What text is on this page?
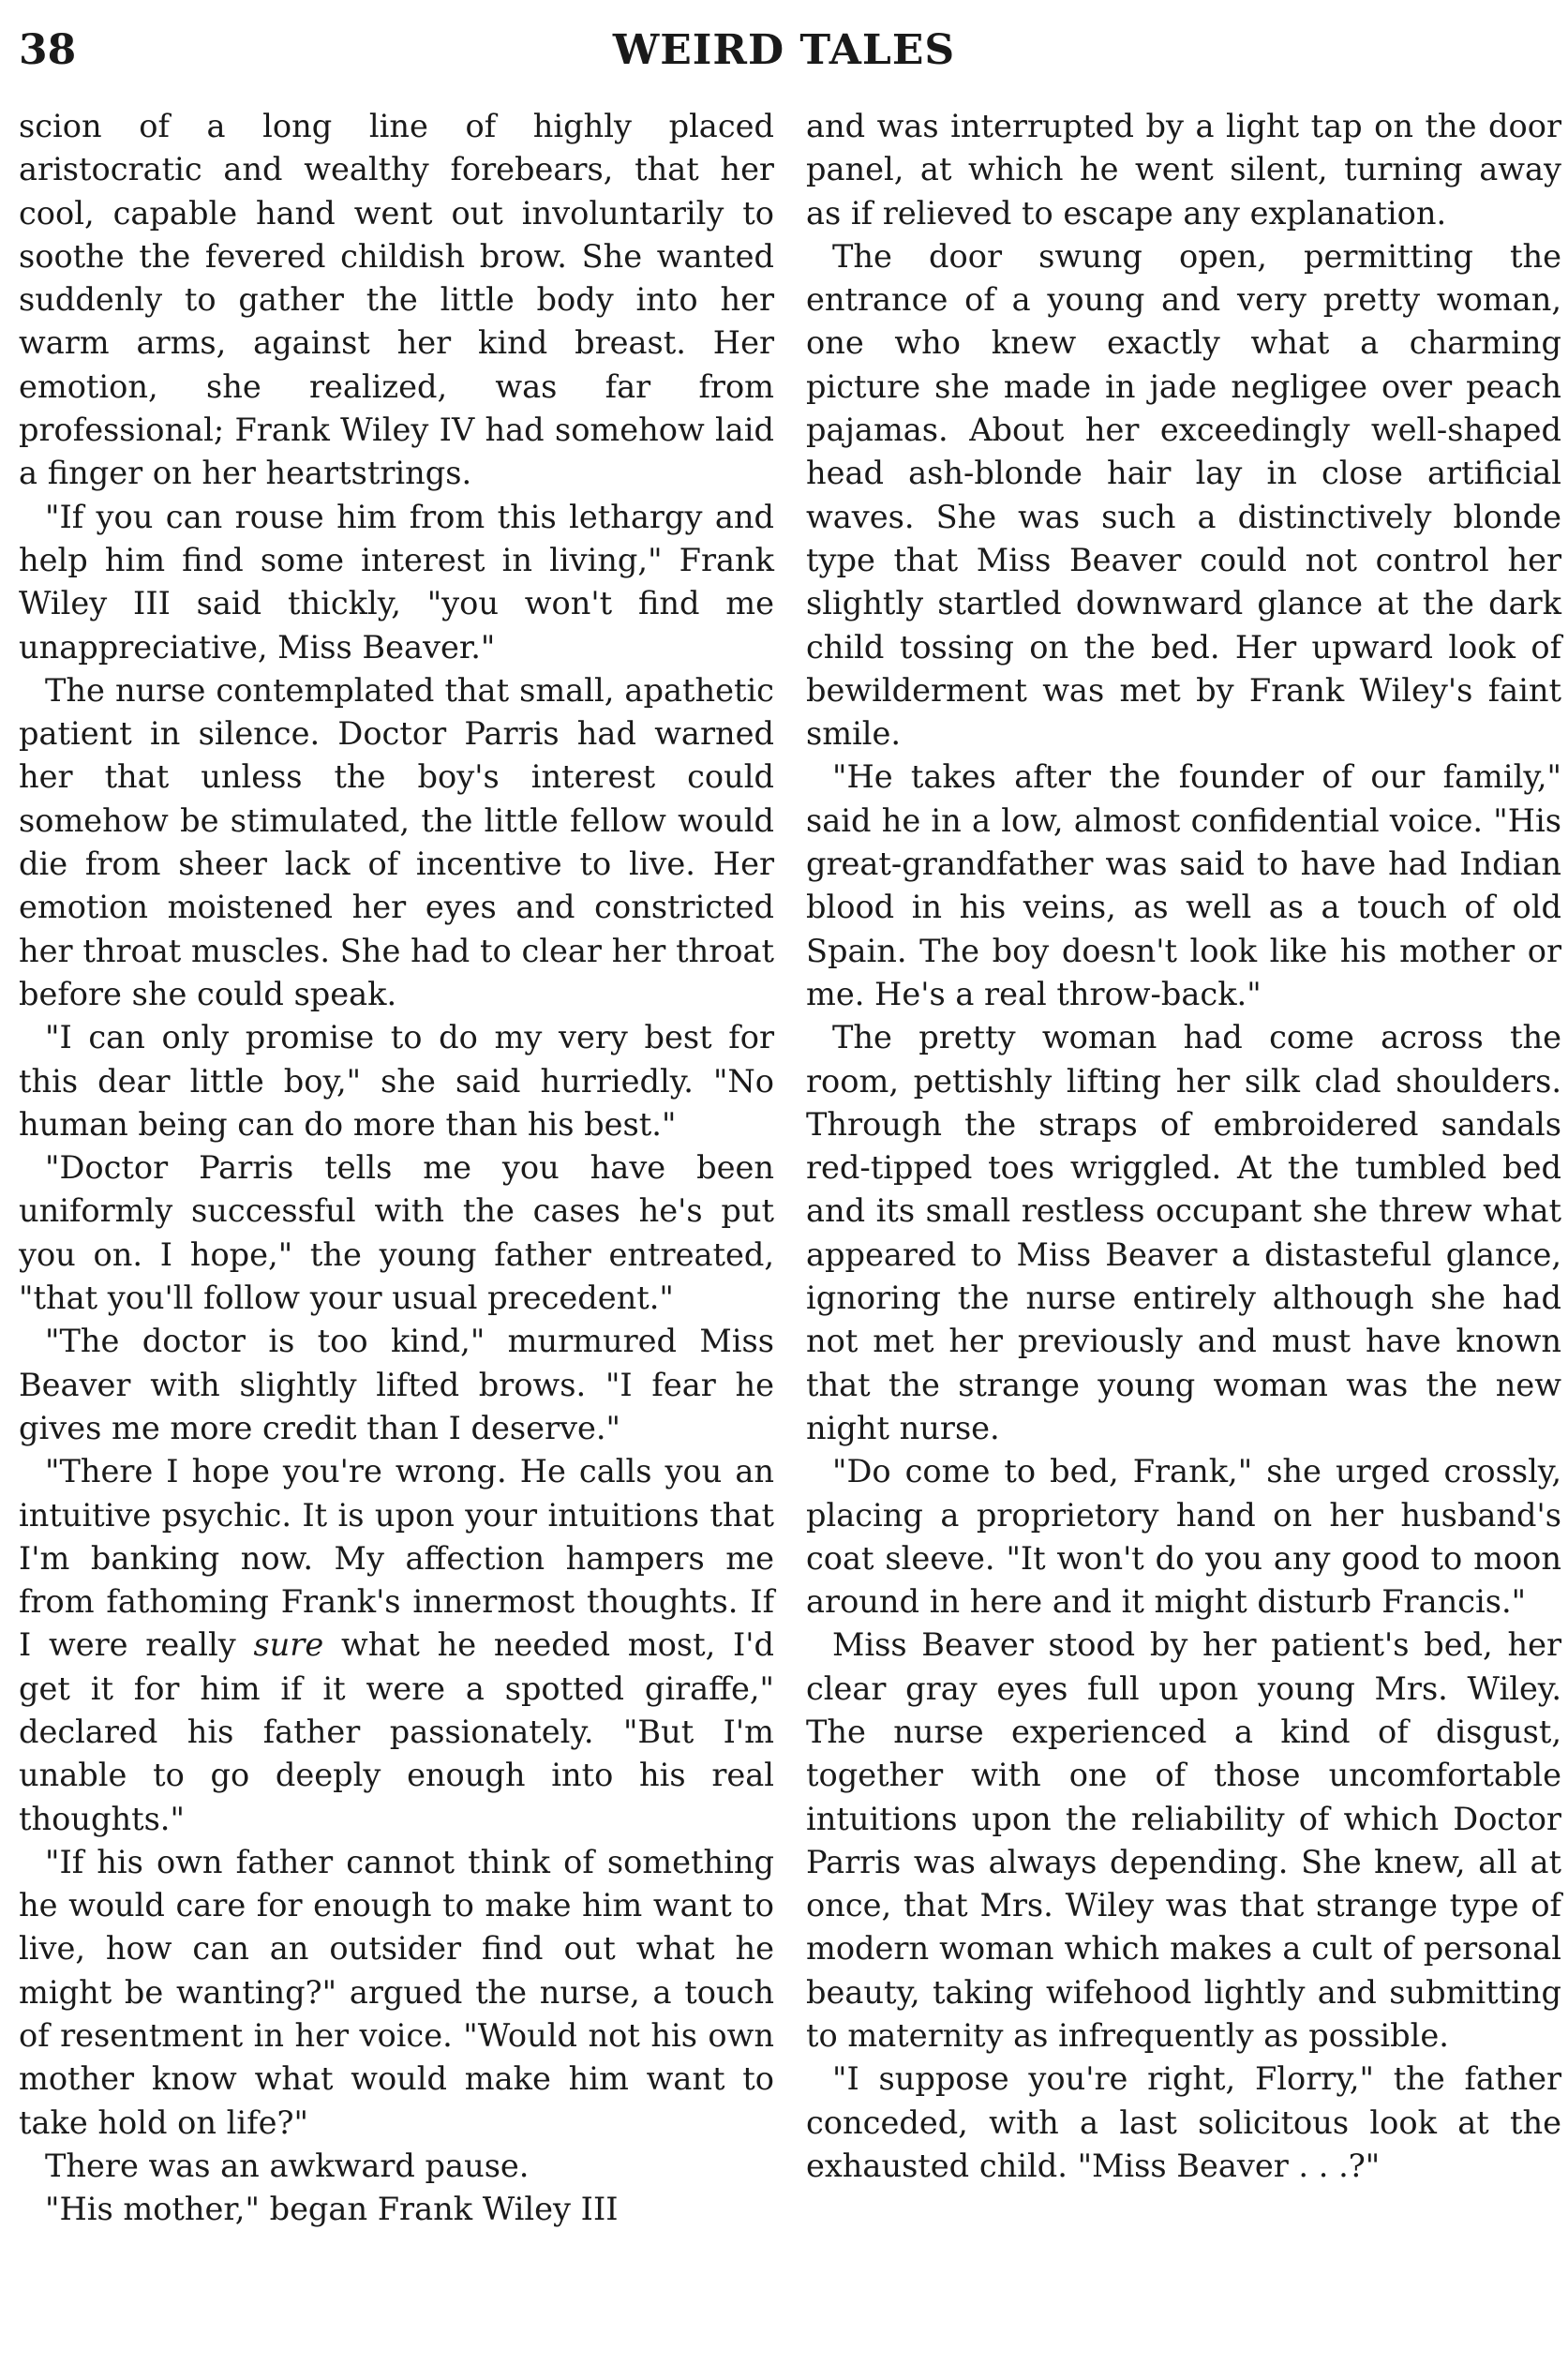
38	WEIRD TALES

scion of a long line of highly placed aristocratic and wealthy forebears, that her cool, capable hand went out involuntarily to soothe the fevered childish brow. She wanted suddenly to gather the little body into her warm arms, against her kind breast. Her emotion, she realized, was far from professional; Frank Wiley IV had somehow laid a finger on her heartstrings.

"If you can rouse him from this lethargy and help him find some interest in living," Frank Wiley III said thickly, "you won't find me unappreciative, Miss Beaver."

The nurse contemplated that small, apathetic patient in silence. Doctor Parris had warned her that unless the boy's interest could somehow be stimulated, the little fellow would die from sheer lack of incentive to live. Her emotion moistened her eyes and constricted her throat muscles. She had to clear her throat before she could speak.

"I can only promise to do my very best for this dear little boy," she said hurriedly. "No human being can do more than his best."

"Doctor Parris tells me you have been uniformly successful with the cases he's put you on. I hope," the young father entreated, "that you'll follow your usual precedent."

"The doctor is too kind," murmured Miss Beaver with slightly lifted brows. "I fear he gives me more credit than I deserve."

"There I hope you're wrong. He calls you an intuitive psychic. It is upon your intuitions that I'm banking now. My affection hampers me from fathoming Frank's innermost thoughts. If I were really sure what he needed most, I'd get it for him if it were a spotted giraffe," declared his father passionately. "But I'm unable to go deeply enough into his real thoughts."

"If his own father cannot think of something he would care for enough to make him want to live, how can an outsider find out what he might be wanting?" argued the nurse, a touch of resentment in her voice. "Would not his own mother know what would make him want to take hold on life?"

There was an awkward pause.

"His mother," began Frank Wiley III

and was interrupted by a light tap on the door panel, at which he went silent, turning away as if relieved to escape any explanation.

The door swung open, permitting the entrance of a young and very pretty woman, one who knew exactly what a charming picture she made in jade negligee over peach pajamas. About her exceedingly well-shaped head ash-blonde hair lay in close artificial waves. She was such a distinctively blonde type that Miss Beaver could not control her slightly startled downward glance at the dark child tossing on the bed. Her upward look of bewilderment was met by Frank Wiley's faint smile.

"He takes after the founder of our family," said he in a low, almost confidential voice. "His great-grandfather was said to have had Indian blood in his veins, as well as a touch of old Spain. The boy doesn't look like his mother or me. He's a real throw-back."

The pretty woman had come across the room, pettishly lifting her silk clad shoulders. Through the straps of embroidered sandals red-tipped toes wriggled. At the tumbled bed and its small restless occupant she threw what appeared to Miss Beaver a distasteful glance, ignoring the nurse entirely although she had not met her previously and must have known that the strange young woman was the new night nurse.

"Do come to bed, Frank," she urged crossly, placing a proprietory hand on her husband's coat sleeve. "It won't do you any good to moon around in here and it might disturb Francis."

Miss Beaver stood by her patient's bed, her clear gray eyes full upon young Mrs. Wiley. The nurse experienced a kind of disgust, together with one of those uncomfortable intuitions upon the reliability of which Doctor Parris was always depending. She knew, all at once, that Mrs. Wiley was that strange type of modern woman which makes a cult of personal beauty, taking wifehood lightly and submitting to maternity as infrequently as possible.

"I suppose you're right, Florry," the father conceded, with a last solicitous look at the exhausted child. "Miss Beaver . . .?"
